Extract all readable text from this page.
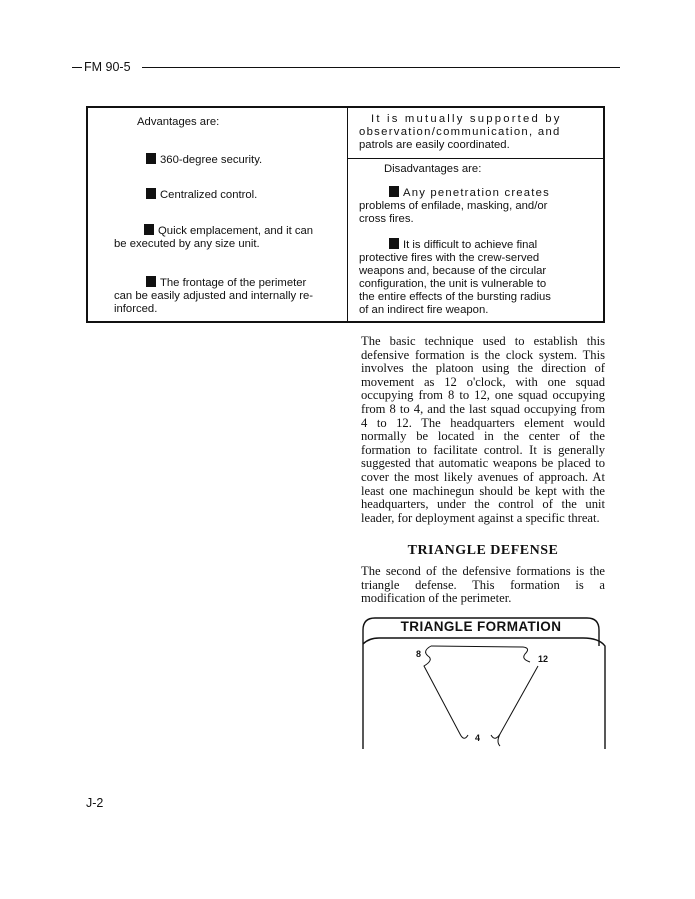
FM 90-5
Advantages are:
360-degree security.
Centralized control.
Quick emplacement, and it can
be executed by any size unit.
The frontage of the perimeter
can be easily adjusted and internally re-
inforced.
It is mutually supported by
observation/communication, and
patrols are easily coordinated.
Disadvantages are:
Any penetration creates
problems of enfilade, masking, and/or
cross fires.
It is difficult to achieve final
protective fires with the crew-served
weapons and, because of the circular
configuration, the unit is vulnerable to
the entire effects of the bursting radius
of an indirect fire weapon.
The basic technique used to establish this defensive formation is the clock system. This involves the platoon using the direction of movement as 12 o'clock, with one squad occupying from 8 to 12, one squad occupying from 8 to 4, and the last squad occupying from 4 to 12. The headquarters element would normally be located in the center of the formation to facilitate control. It is generally suggested that automatic weapons be placed to cover the most likely avenues of approach. At least one machinegun should be kept with the headquarters, under the control of the unit leader, for deployment against a specific threat.
TRIANGLE DEFENSE
The second of the defensive formations is the triangle defense. This formation is a modification of the perimeter.
TRIANGLE FORMATION
8	12
4
J-2
